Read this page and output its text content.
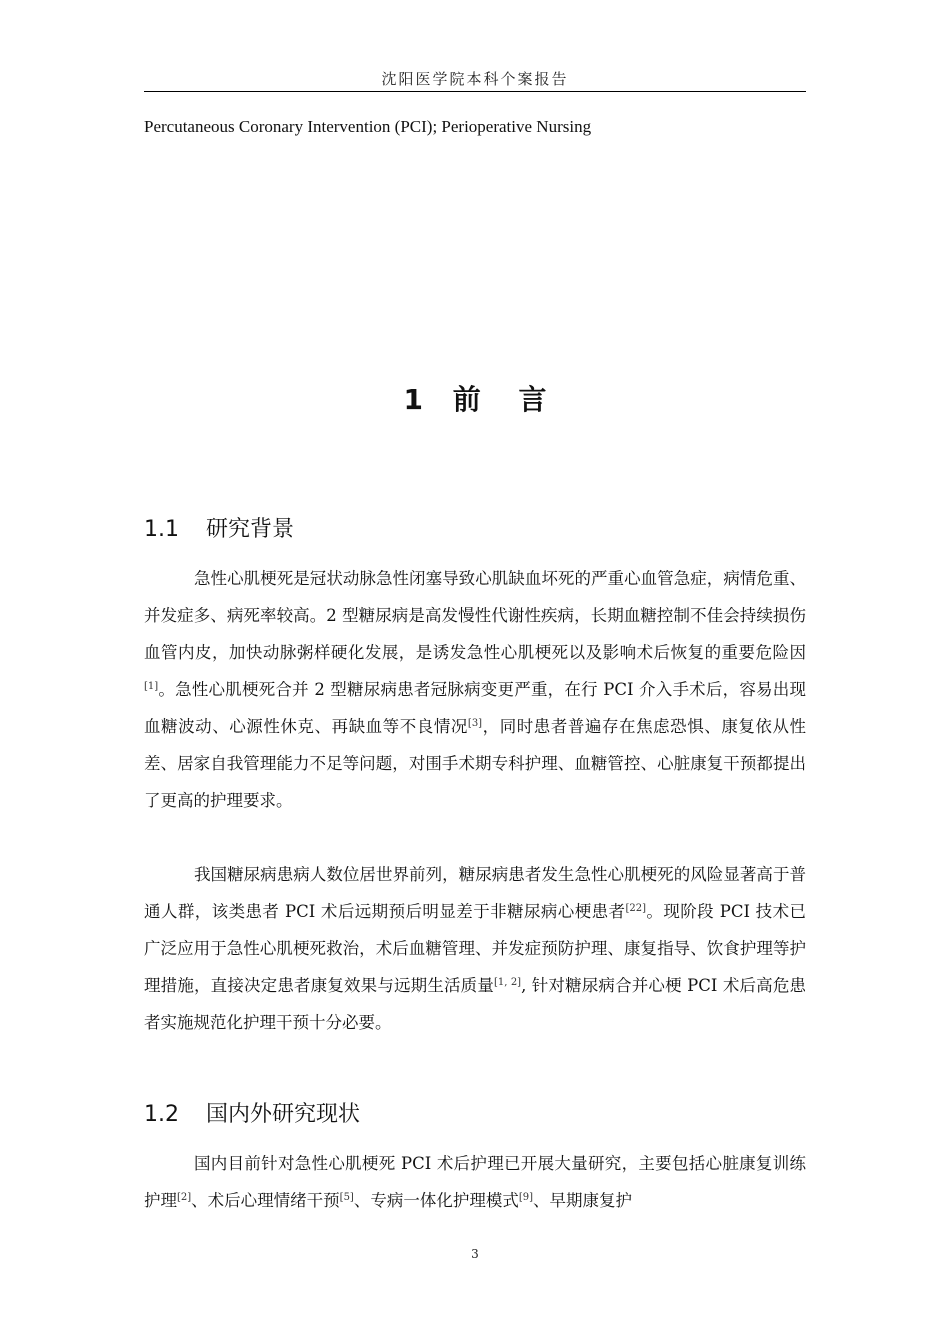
沈阳医学院本科个案报告
Percutaneous Coronary Intervention (PCI); Perioperative Nursing
1 前 言
1.1 研究背景

急性心肌梗死是冠状动脉急性闭塞导致心肌缺血坏死的严重心血管急症，病情危重、并发症多、病死率较高。2 型糖尿病是高发慢性代谢性疾病，长期血糖控制不佳会持续损伤血管内皮，加快动脉粥样硬化发展，是诱发急性心肌梗死以及影响术后恢复的重要危险因[1]。急性心肌梗死合并 2 型糖尿病患者冠脉病变更严重，在行 PCI 介入手术后，容易出现血糖波动、心源性休克、再缺血等不良情况[3]，同时患者普遍存在焦虑恐惧、康复依从性差、居家自我管理能力不足等问题，对围手术期专科护理、血糖管控、心脏康复干预都提出了更高的护理要求。

我国糖尿病患病人数位居世界前列，糖尿病患者发生急性心肌梗死的风险显著高于普通人群，该类患者 PCI 术后远期预后明显差于非糖尿病心梗患者[22]。现阶段 PCI 技术已广泛应用于急性心肌梗死救治，术后血糖管理、并发症预防护理、康复指导、饮食护理等护理措施，直接决定患者康复效果与远期生活质量[1, 2], 针对糖尿病合并心梗 PCI 术后高危患者实施规范化护理干预十分必要。

1.2 国内外研究现状

国内目前针对急性心肌梗死 PCI 术后护理已开展大量研究，主要包括心脏康复训练护理[2]、术后心理情绪干预[5]、专病一体化护理模式[9]、早期康复护

3
